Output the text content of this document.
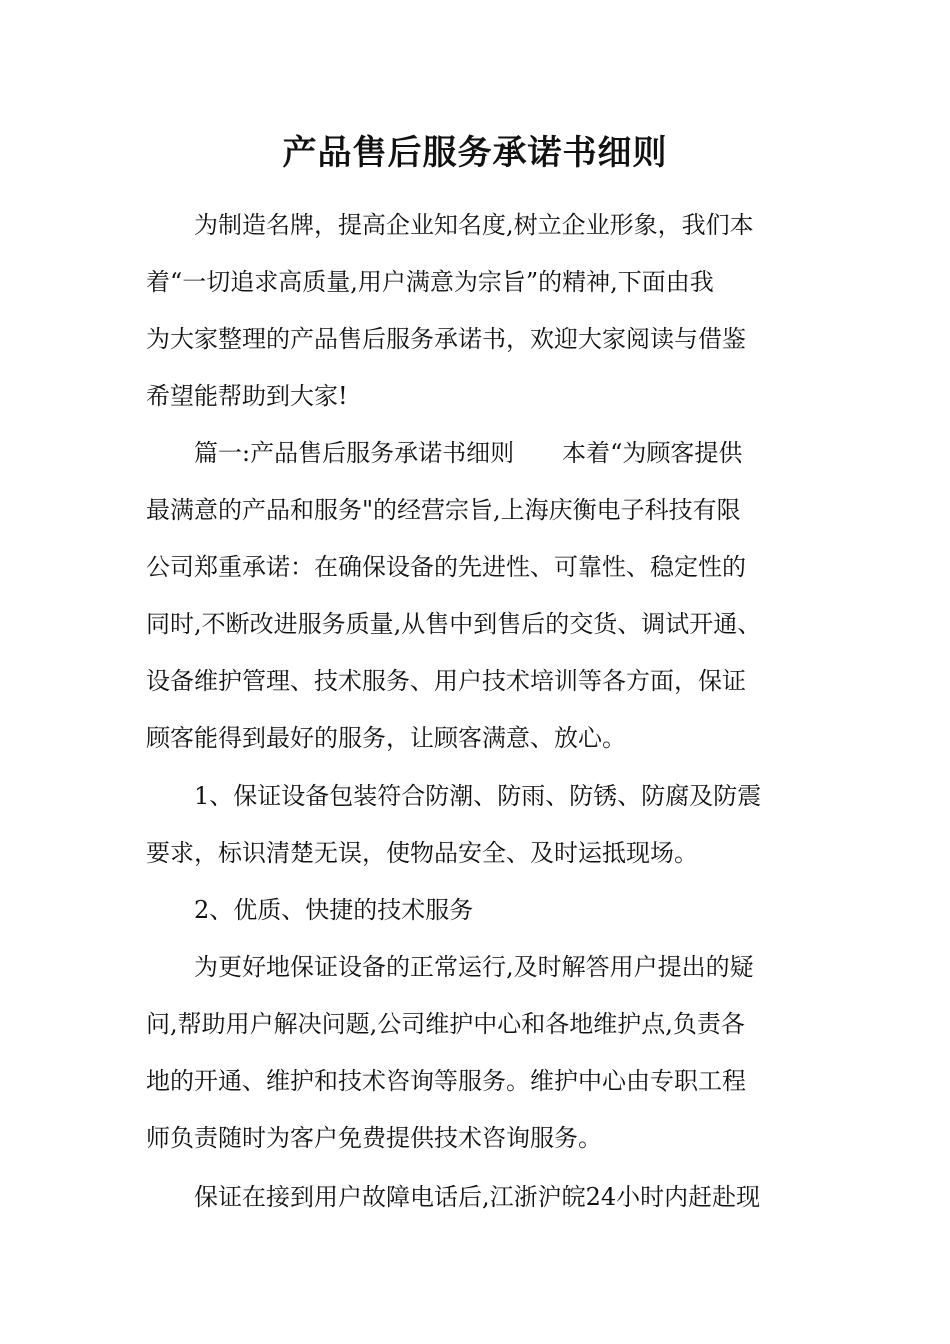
产品售后服务承诺书细则
为制造名牌，提高企业知名度,树立企业形象，我们本
着“一切追求高质量,用户满意为宗旨”的精神,下面由我
为大家整理的产品售后服务承诺书，欢迎大家阅读与借鉴
希望能帮助到大家!
篇一:产品售后服务承诺书细则　　本着“为顾客提供
最满意的产品和服务"的经营宗旨,上海庆衡电子科技有限
公司郑重承诺：在确保设备的先进性、可靠性、稳定性的
同时,不断改进服务质量,从售中到售后的交货、调试开通、
设备维护管理、技术服务、用户技术培训等各方面，保证
顾客能得到最好的服务，让顾客满意、放心。
1、保证设备包装符合防潮、防雨、防锈、防腐及防震
要求，标识清楚无误，使物品安全、及时运抵现场。
2、优质、快捷的技术服务
为更好地保证设备的正常运行,及时解答用户提出的疑
问,帮助用户解决问题,公司维护中心和各地维护点,负责各
地的开通、维护和技术咨询等服务。维护中心由专职工程
师负责随时为客户免费提供技术咨询服务。
保证在接到用户故障电话后,江浙沪皖24小时内赶赴现
